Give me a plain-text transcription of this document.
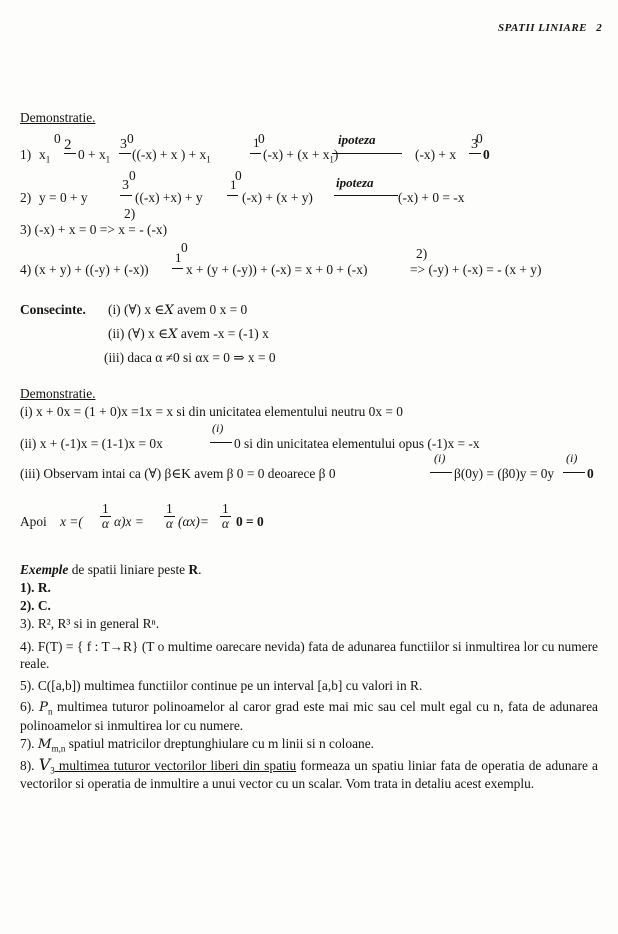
SPATII LINIARE 2
Demonstratie.
1) $x_1$
0 2
$0 + x_1$
0
3
((-x) + x ) + $x_1$
0
1
$(-x) + (x + x_1)$
ipoteza
(-x) + x
0
3
0
2) y = 0 + y
0
3
2)
((-x) +x) + y
0
1
(-x) + (x + y)
ipoteza
(-x) + 0 = -x
3) (-x) + x = 0 => x = - (-x)
0
4) (x + y) + ((-y) + (-x))
1
x + (y + (-y)) + (-x) = x + 0 + (-x)
2)
=> (-y) + (-x) = - (x + y)
Consecinte. (i) (∀) x ∈X avem 0 x = 0
(ii) (∀) x ∈X avem -x = (-1) x
(iii) daca α ≠0 si αx = 0 ⇒ x = 0
Demonstratie.
(i) x + 0x = (1 + 0)x =1x = x si din unicitatea elementului neutru 0x = 0
(ii) x + (-1)x = (1-1)x = 0x
(i)
0 si din unicitatea elementului opus (-1)x = -x
(iii) Observam intai ca (∀) β∈K avem β 0 = 0 deoarece β 0
(i)
β(0y) = (β0)y = 0y
(i)
0
Apoi x =( $\frac{1}{\alpha} \alpha)x = \frac{1}{\alpha} (\alpha x)= \frac{1}{\alpha} 0 = 0$
Exemple de spatii liniare peste R.
1). R.
2). C.
3). R², R³ si in general Rⁿ.
4). F(T) = { f : T→R} (T o multime oarecare nevida) fata de adunarea functiilor si inmultirea lor cu numere reale.
5). C([a,b]) multimea functiilor continue pe un interval [a,b] cu valori in R.
6). $P_n$ multimea tuturor polinoamelor al caror grad este mai mic sau cel mult egal cu n, fata de adunarea polinoamelor si inmultirea lor cu numere.
7). $M_{m,n}$ spatiul matricilor dreptunghiulare cu m linii si n coloane.
8). $V_3$ multimea tuturor vectorilor liberi din spatiu formeaza un spatiu liniar fata de operatia de adunare a vectorilor si operatia de inmultire a unui vector cu un scalar. Vom trata in detaliu acest exemplu.
